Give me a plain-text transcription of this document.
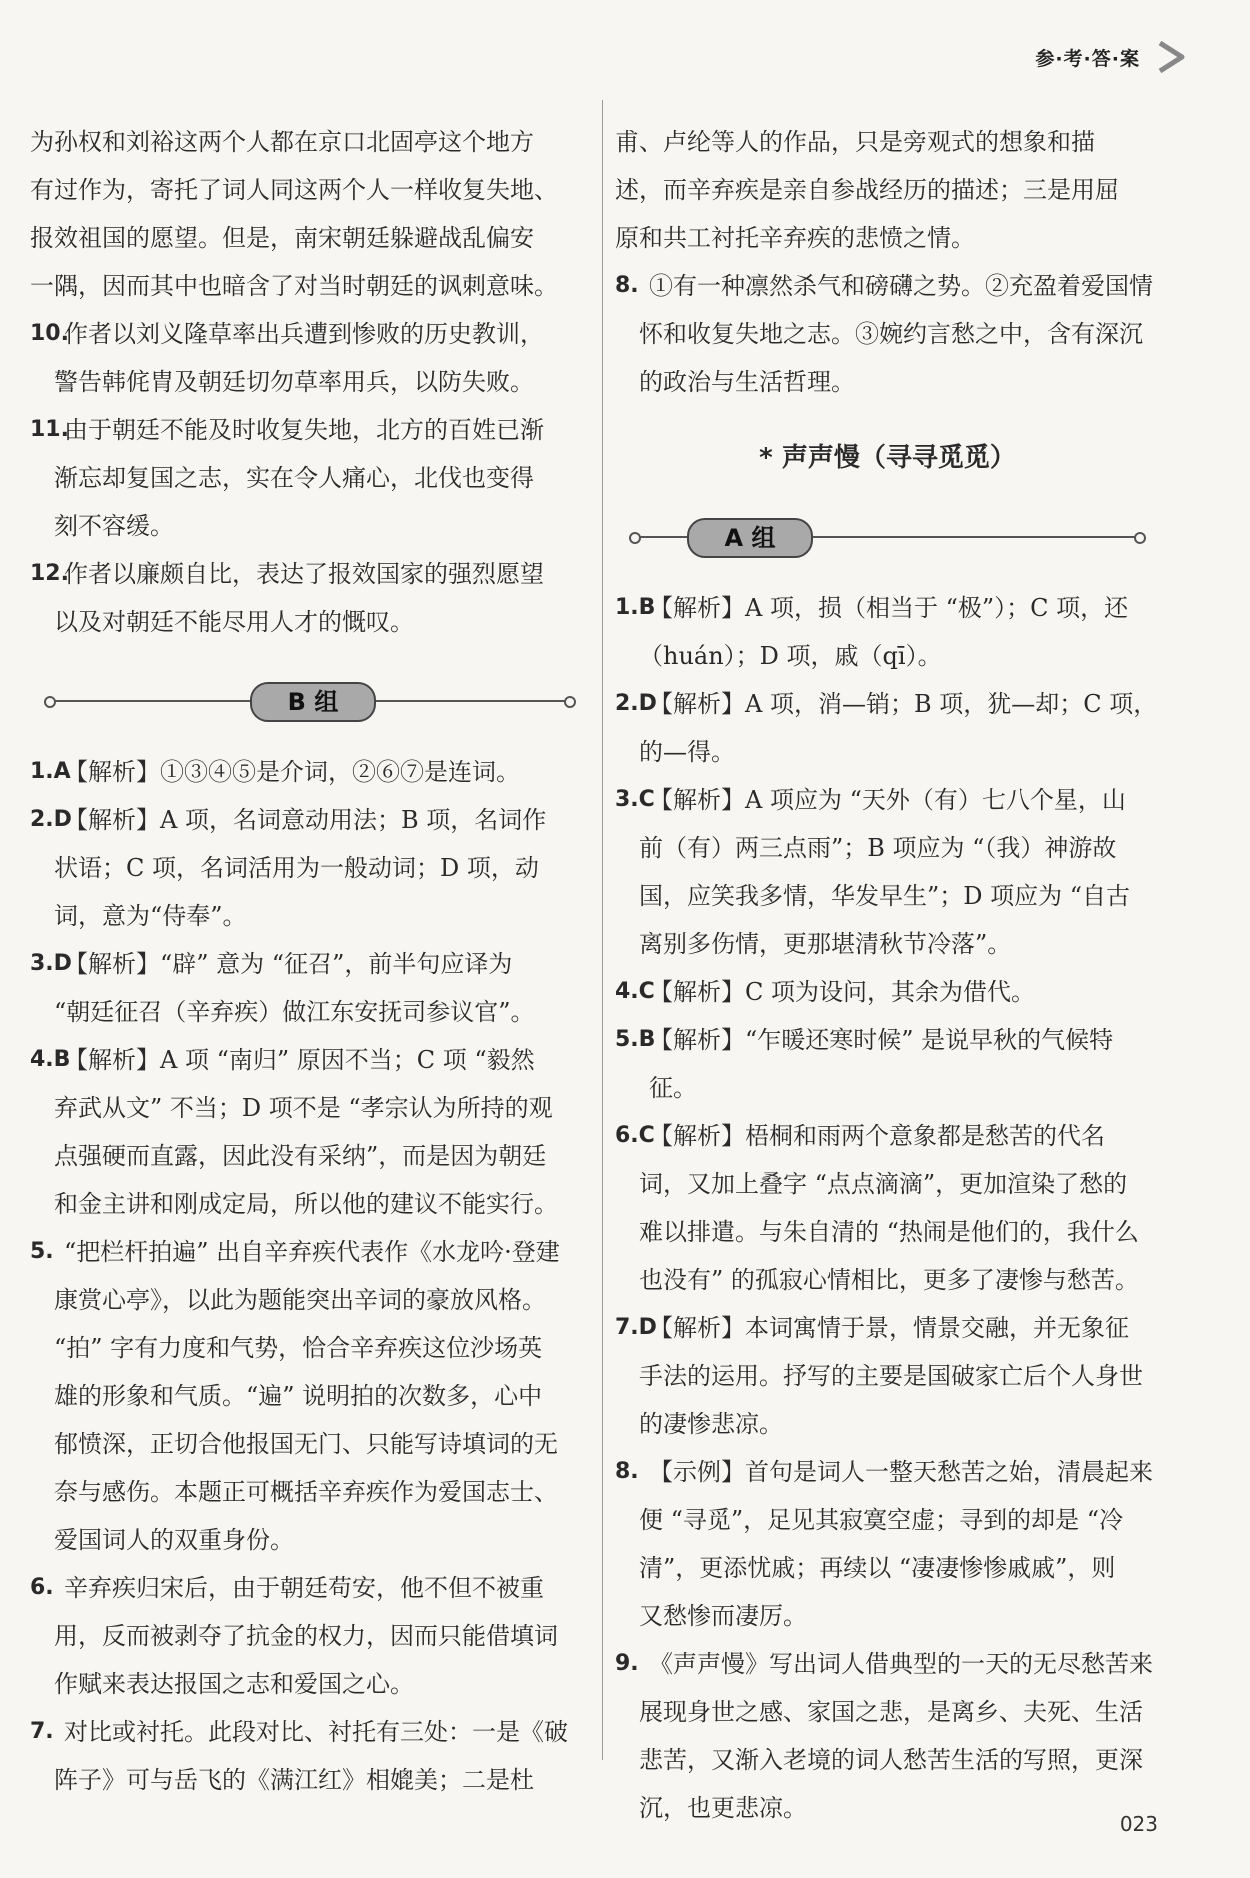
参·考·答·案

为孙权和刘裕这两个人都在京口北固亭这个地方

有过作为，寄托了词人同这两个人一样收复失地、

报效祖国的愿望。但是，南宋朝廷躲避战乱偏安

一隅，因而其中也暗含了对当时朝廷的讽刺意味。

10.
作者以刘义隆草率出兵遭到惨败的历史教训，
警告韩侂胄及朝廷切勿草率用兵，以防失败。
11.
由于朝廷不能及时收复失地，北方的百姓已渐
渐忘却复国之志，实在令人痛心，北伐也变得
刻不容缓。
12.
作者以廉颇自比，表达了报效国家的强烈愿望
以及对朝廷不能尽用人才的慨叹。
B 组
1.A
【解析】①③④⑤是介词，②⑥⑦是连词。
2.D
【解析】A 项，名词意动用法；B 项，名词作
状语；C 项，名词活用为一般动词；D 项，动
词，意为“侍奉”。
3.D
【解析】“辟” 意为 “征召”，前半句应译为
“朝廷征召（辛弃疾）做江东安抚司参议官”。
4.B
【解析】A 项 “南归” 原因不当；C 项 “毅然
弃武从文” 不当；D 项不是 “孝宗认为所持的观
点强硬而直露，因此没有采纳”，而是因为朝廷
和金主讲和刚成定局，所以他的建议不能实行。
5. “把栏杆拍遍” 出自辛弃疾代表作《水龙吟·登建
康赏心亭》，以此为题能突出辛词的豪放风格。
“拍” 字有力度和气势，恰合辛弃疾这位沙场英
雄的形象和气质。“遍” 说明拍的次数多，心中
郁愤深，正切合他报国无门、只能写诗填词的无
奈与感伤。本题正可概括辛弃疾作为爱国志士、
爱国词人的双重身份。
6. 辛弃疾归宋后，由于朝廷苟安，他不但不被重
用，反而被剥夺了抗金的权力，因而只能借填词
作赋来表达报国之志和爱国之心。
7. 对比或衬托。此段对比、衬托有三处：一是《破
阵子》可与岳飞的《满江红》相媲美；二是杜

甫、卢纶等人的作品，只是旁观式的想象和描

述，而辛弃疾是亲自参战经历的描述；三是用屈

原和共工衬托辛弃疾的悲愤之情。

8. ①有一种凛然杀气和磅礴之势。②充盈着爱国情
怀和收复失地之志。③婉约言愁之中，含有深沉
的政治与生活哲理。
* 声声慢（寻寻觅觅）
A 组
1.B
【解析】A 项，损（相当于 “极”）；C 项，还
（huán）；D 项，戚（qī）。
2.D
【解析】A 项，消—销；B 项，犹—却；C 项，
的—得。
3.C
【解析】A 项应为 “天外（有）七八个星，山
前（有）两三点雨”；B 项应为 “（我）神游故
国，应笑我多情，华发早生”；D 项应为 “自古
离别多伤情，更那堪清秋节冷落”。
4.C
【解析】C 项为设问，其余为借代。
5.B
【解析】“乍暖还寒时候” 是说早秋的气候特征。
6.C
【解析】梧桐和雨两个意象都是愁苦的代名
词，又加上叠字 “点点滴滴”，更加渲染了愁的
难以排遣。与朱自清的 “热闹是他们的，我什么
也没有” 的孤寂心情相比，更多了凄惨与愁苦。
7.D
【解析】本词寓情于景，情景交融，并无象征
手法的运用。抒写的主要是国破家亡后个人身世
的凄惨悲凉。
8. 【示例】首句是词人一整天愁苦之始，清晨起来
便 “寻觅”，足见其寂寞空虚；寻到的却是 “冷
清”，更添忧戚；再续以 “凄凄惨惨戚戚”，则
又愁惨而凄厉。
9. 《声声慢》写出词人借典型的一天的无尽愁苦来
展现身世之感、家国之悲，是离乡、夫死、生活
悲苦，又渐入老境的词人愁苦生活的写照，更深
沉，也更悲凉。
023
